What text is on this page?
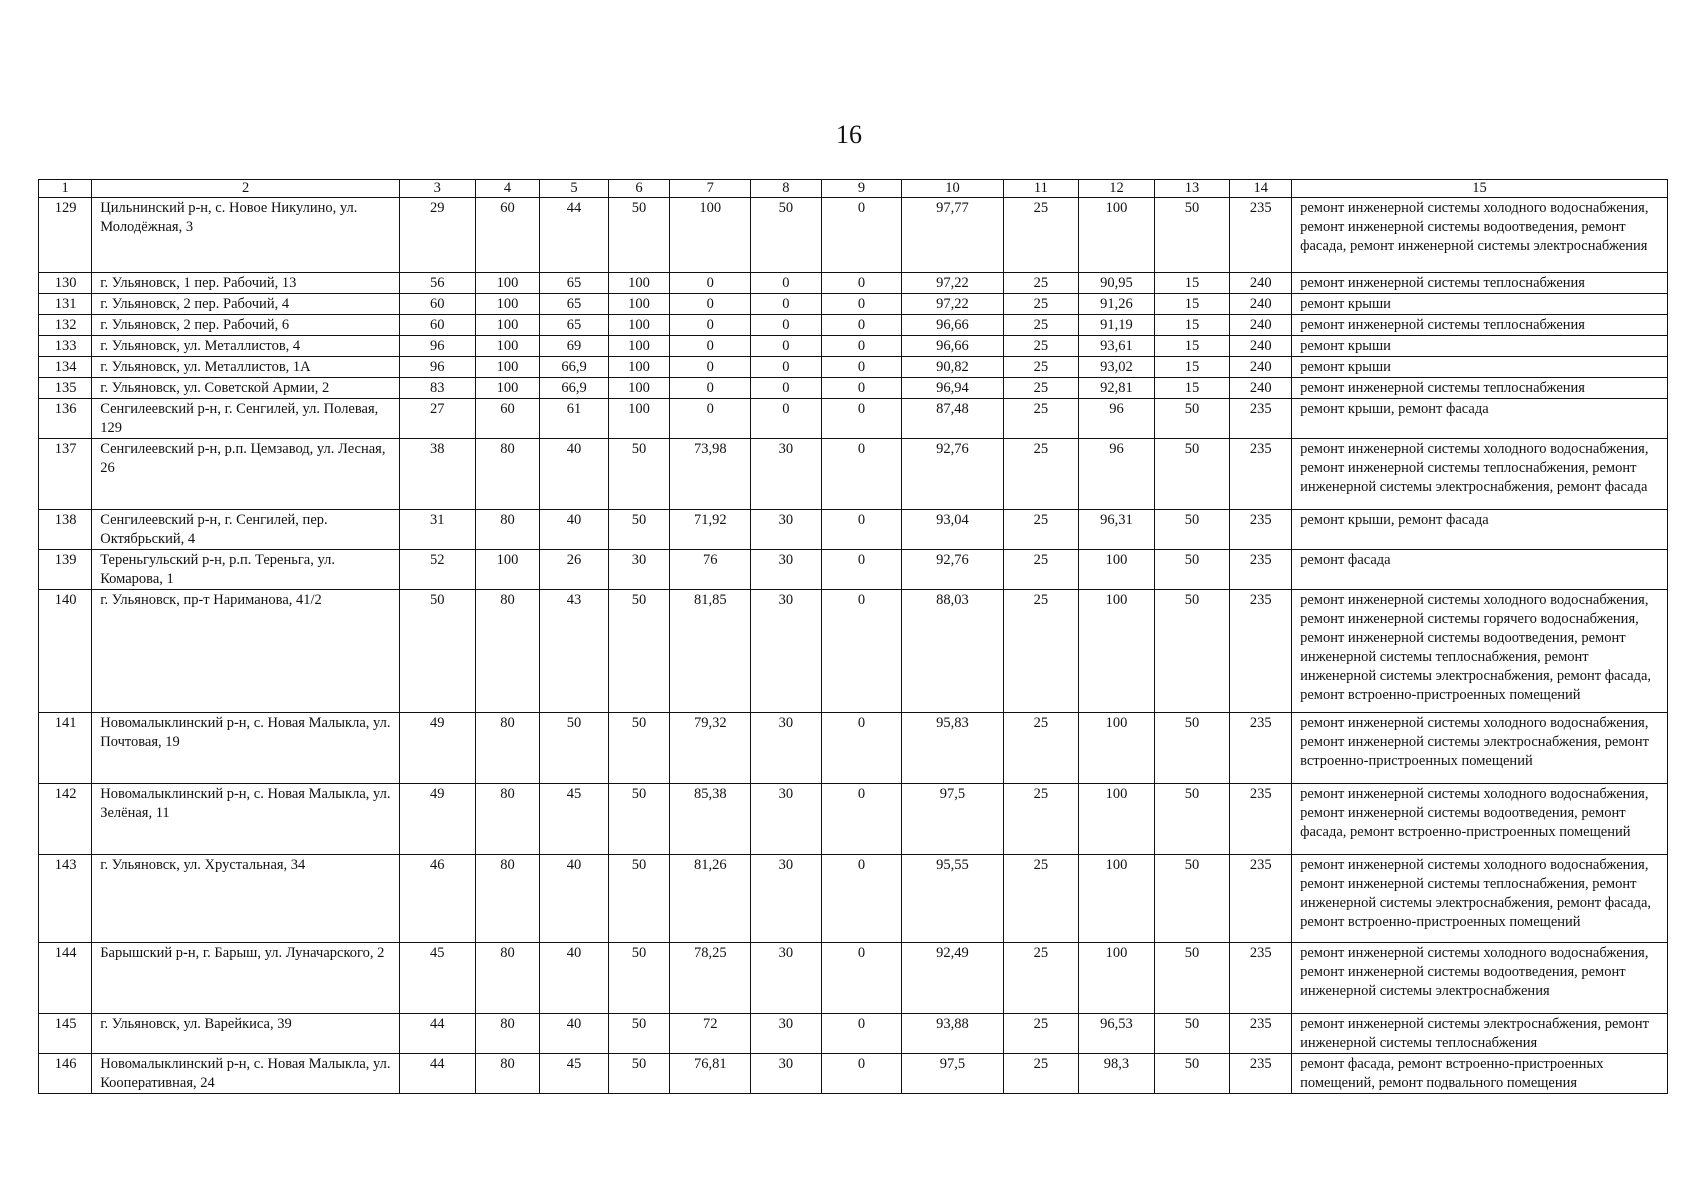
16
1	2	3	4	5	6	7	8	9	10	11	12	13	14	15
129	Цильнинский р-н, с. Новое Никулино, ул. Молодёжная, 3	29	60	44	50	100	50	0	97,77	25	100	50	235	ремонт инженерной системы холодного водоснабжения, ремонт инженерной системы водоотведения, ремонт фасада, ремонт инженерной системы электроснабжения
130	г. Ульяновск, 1 пер. Рабочий, 13	56	100	65	100	0	0	0	97,22	25	90,95	15	240	ремонт инженерной системы теплоснабжения
131	г. Ульяновск, 2 пер. Рабочий, 4	60	100	65	100	0	0	0	97,22	25	91,26	15	240	ремонт крыши
132	г. Ульяновск, 2 пер. Рабочий, 6	60	100	65	100	0	0	0	96,66	25	91,19	15	240	ремонт инженерной системы теплоснабжения
133	г. Ульяновск, ул. Металлистов, 4	96	100	69	100	0	0	0	96,66	25	93,61	15	240	ремонт крыши
134	г. Ульяновск, ул. Металлистов, 1А	96	100	66,9	100	0	0	0	90,82	25	93,02	15	240	ремонт крыши
135	г. Ульяновск, ул. Советской Армии, 2	83	100	66,9	100	0	0	0	96,94	25	92,81	15	240	ремонт инженерной системы теплоснабжения
136	Сенгилеевский р-н, г. Сенгилей, ул. Полевая, 129	27	60	61	100	0	0	0	87,48	25	96	50	235	ремонт крыши, ремонт фасада
137	Сенгилеевский р-н, р.п. Цемзавод, ул. Лесная, 26	38	80	40	50	73,98	30	0	92,76	25	96	50	235	ремонт инженерной системы холодного водоснабжения, ремонт инженерной системы теплоснабжения, ремонт инженерной системы электроснабжения, ремонт фасада
138	Сенгилеевский р-н, г. Сенгилей, пер. Октябрьский, 4	31	80	40	50	71,92	30	0	93,04	25	96,31	50	235	ремонт крыши, ремонт фасада
139	Тереньгульский р-н, р.п. Тереньга, ул. Комарова, 1	52	100	26	30	76	30	0	92,76	25	100	50	235	ремонт фасада
140	г. Ульяновск, пр-т Нариманова, 41/2	50	80	43	50	81,85	30	0	88,03	25	100	50	235	ремонт инженерной системы холодного водоснабжения, ремонт инженерной системы горячего водоснабжения, ремонт инженерной системы водоотведения, ремонт инженерной системы теплоснабжения, ремонт инженерной системы электроснабжения, ремонт фасада, ремонт встроенно-пристроенных помещений
141	Новомалыклинский р-н, с. Новая Малыкла, ул. Почтовая, 19	49	80	50	50	79,32	30	0	95,83	25	100	50	235	ремонт инженерной системы холодного водоснабжения, ремонт инженерной системы электроснабжения, ремонт встроенно-пристроенных помещений
142	Новомалыклинский р-н, с. Новая Малыкла, ул. Зелёная, 11	49	80	45	50	85,38	30	0	97,5	25	100	50	235	ремонт инженерной системы холодного водоснабжения, ремонт инженерной системы водоотведения, ремонт фасада, ремонт встроенно-пристроенных помещений
143	г. Ульяновск, ул. Хрустальная, 34	46	80	40	50	81,26	30	0	95,55	25	100	50	235	ремонт инженерной системы холодного водоснабжения, ремонт инженерной системы теплоснабжения, ремонт инженерной системы электроснабжения, ремонт фасада, ремонт встроенно-пристроенных помещений
144	Барышский р-н, г. Барыш, ул. Луначарского, 2	45	80	40	50	78,25	30	0	92,49	25	100	50	235	ремонт инженерной системы холодного водоснабжения, ремонт инженерной системы водоотведения, ремонт инженерной системы электроснабжения
145	г. Ульяновск, ул. Варейкиса, 39	44	80	40	50	72	30	0	93,88	25	96,53	50	235	ремонт инженерной системы электроснабжения, ремонт инженерной системы теплоснабжения
146	Новомалыклинский р-н, с. Новая Малыкла, ул. Кооперативная, 24	44	80	45	50	76,81	30	0	97,5	25	98,3	50	235	ремонт фасада, ремонт встроенно-пристроенных помещений, ремонт подвального помещения
